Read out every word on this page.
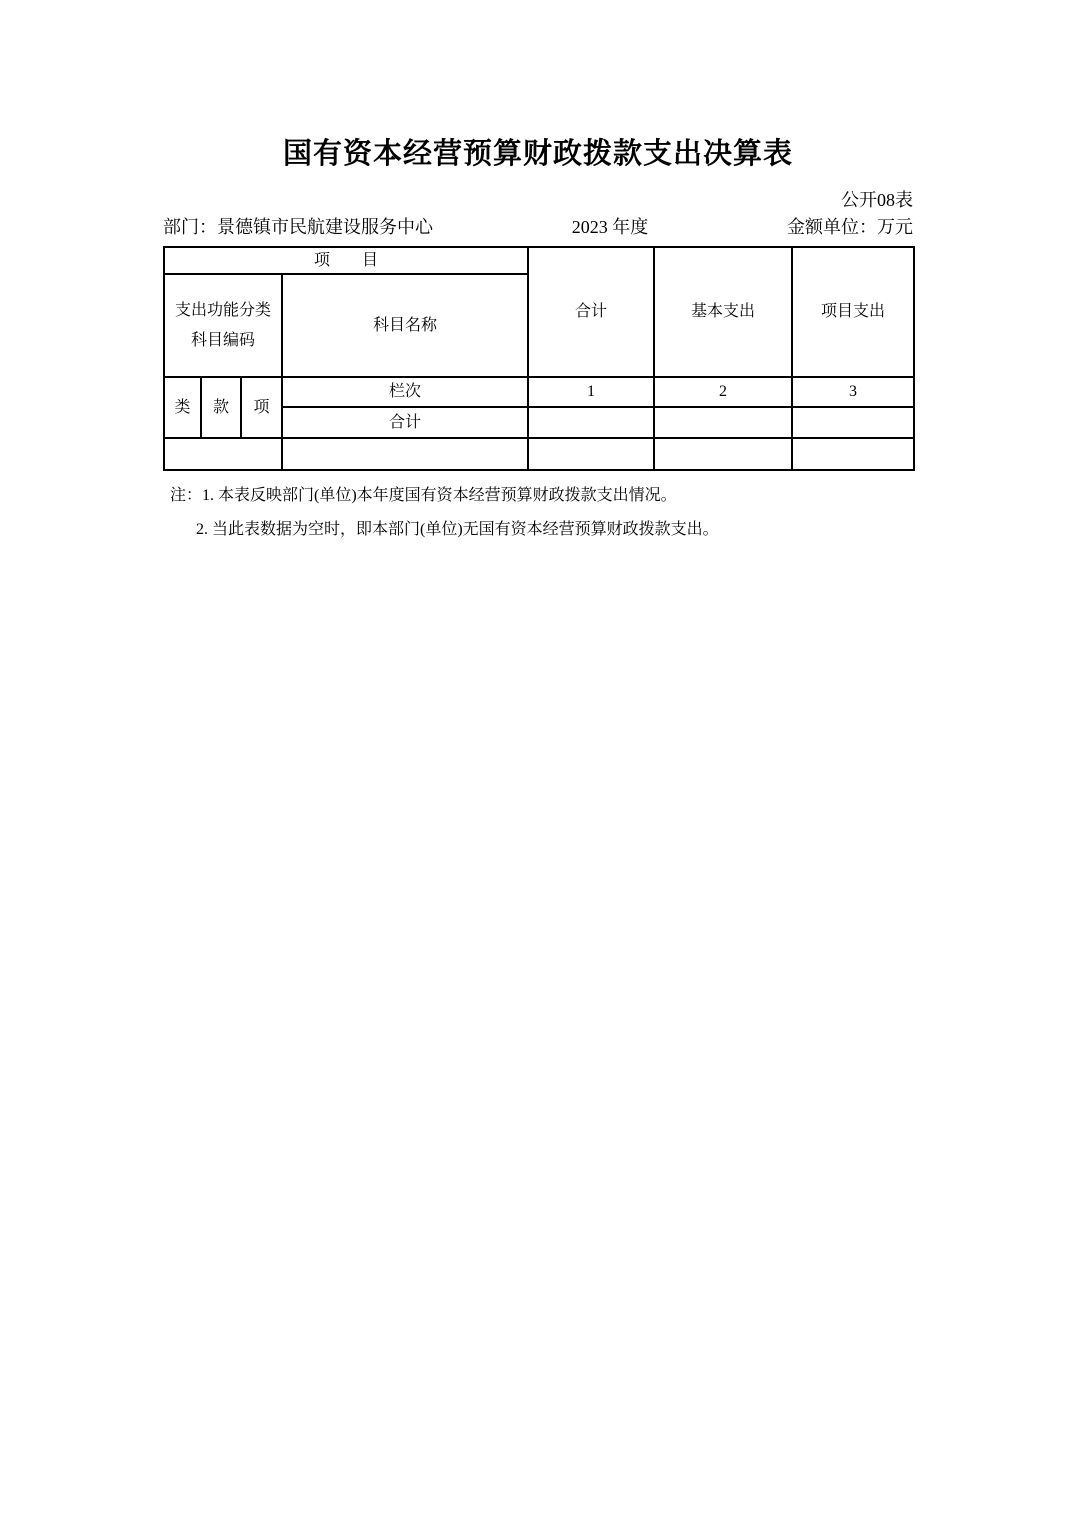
国有资本经营预算财政拨款支出决算表
公开08表
部门：景德镇市民航建设服务中心	2023 年度	金额单位：万元
项　　目				合计	基本支出	项目支出

支出功能分类
科目编码			科目名称			
类	款	项	栏次	1	2	3
			合计			

注：1. 本表反映部门(单位)本年度国有资本经营预算财政拨款支出情况。
2. 当此表数据为空时，即本部门(单位)无国有资本经营预算财政拨款支出。
